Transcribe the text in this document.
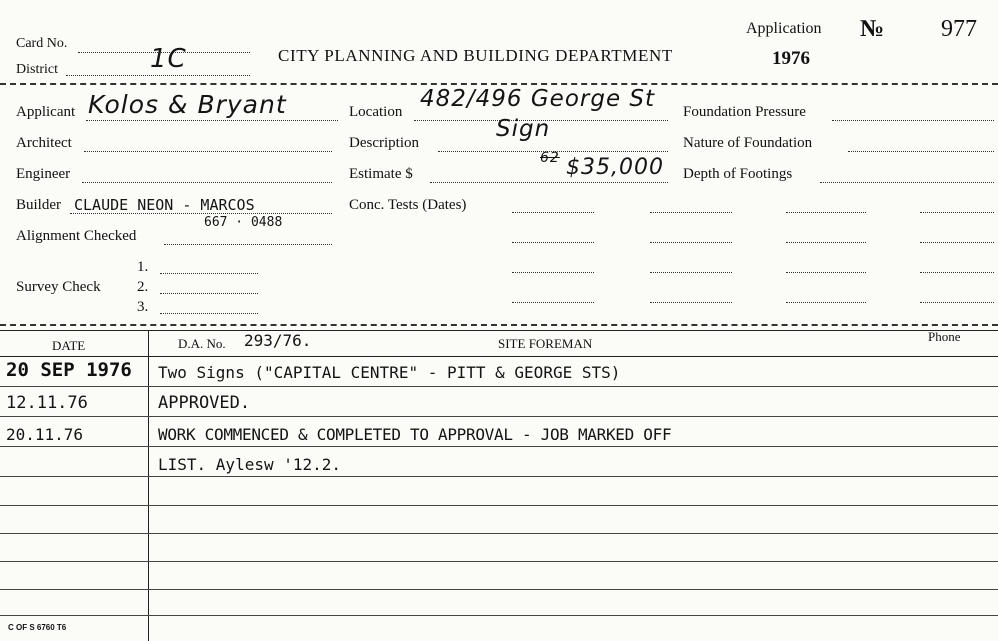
Card No.
District	1C	CITY PLANNING AND BUILDING DEPARTMENT
Application № 977
1976
Applicant Kolos & Bryant
Architect
Engineer
Builder CLAUDE NEON - MARCOS
667 · 0488
Alignment Checked
Survey Check
1.
2.
3.
Location 482/496 George St
Description
Sign
Estimate $
62 $35,000
Conc. Tests (Dates)
Foundation Pressure
Nature of Foundation
Depth of Footings
DATE	D.A. No. 293/76.	SITE FOREMAN	Phone
20 SEP 1976 Two Signs ("CAPITAL CENTRE" - PITT & GEORGE STS)
12.11.76	APPROVED.
20.11.76	WORK COMMENCED & COMPLETED TO APPROVAL - JOB MARKED OFF
LIST. Aylesw '12.2.
C OF S 6760 T6
